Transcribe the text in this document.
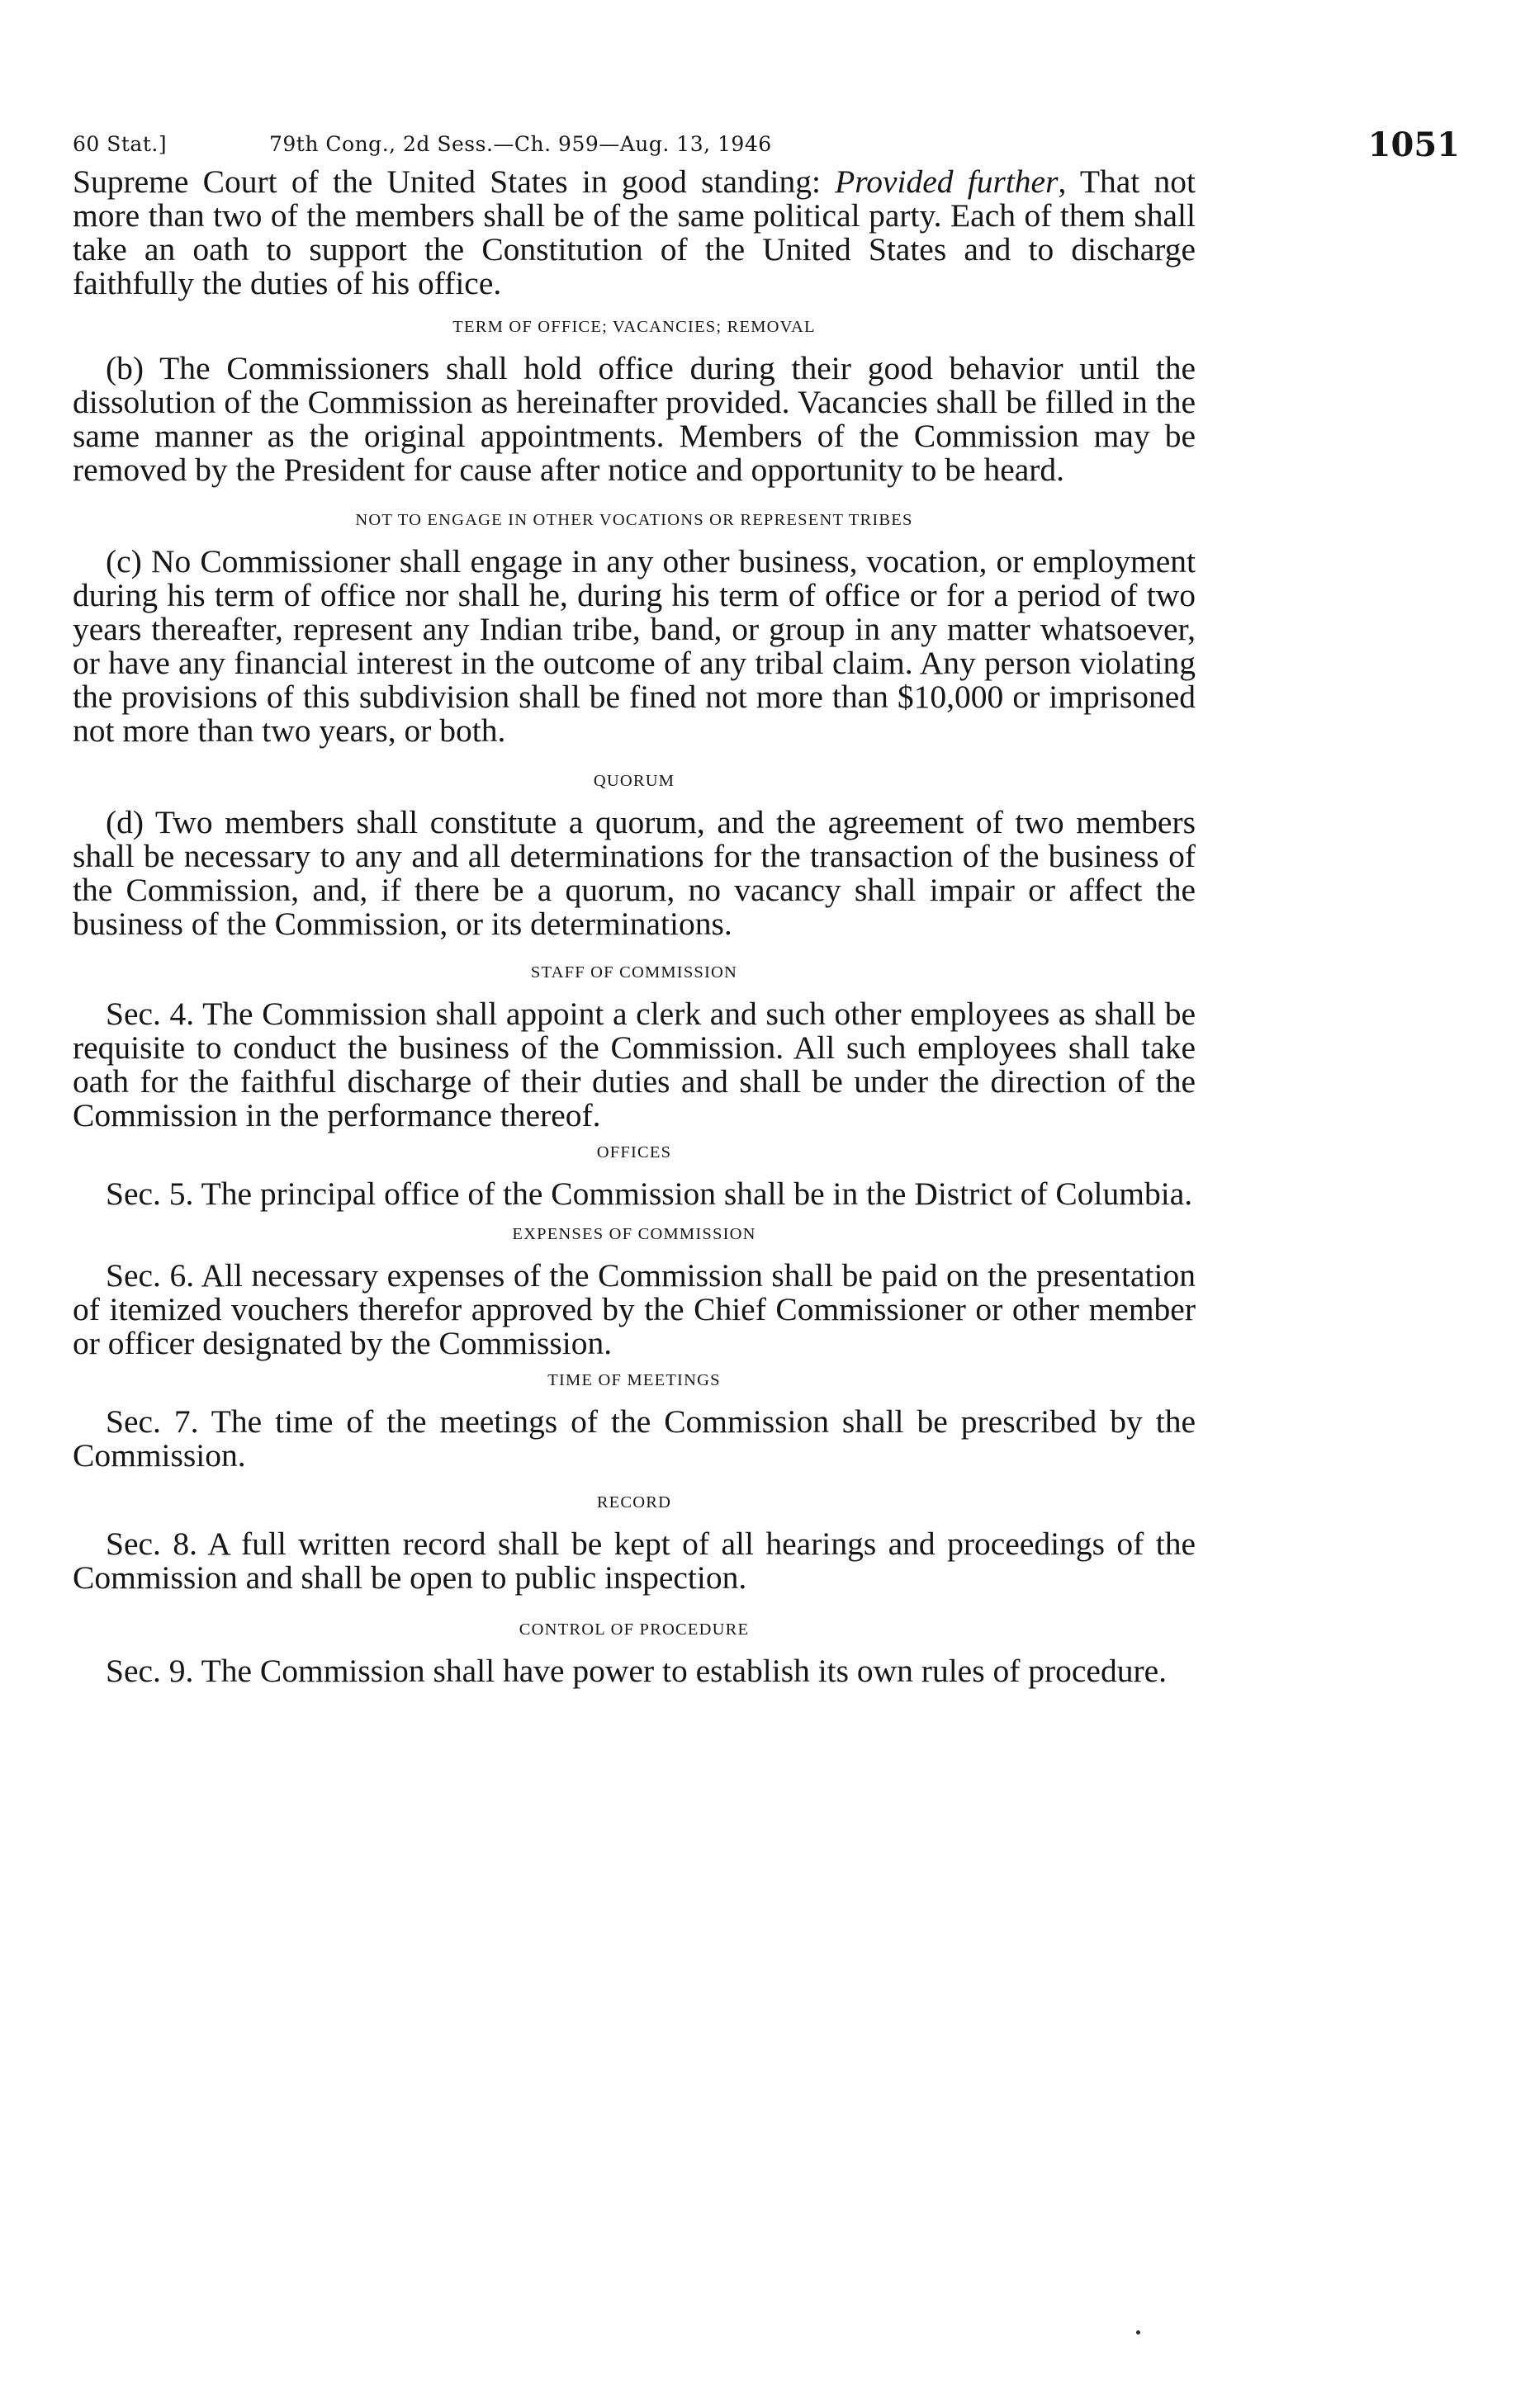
60 Stat.]	79th Cong., 2d Sess.—Ch. 959—Aug. 13, 1946	1051

Supreme Court of the United States in good standing: Provided further, That not more than two of the members shall be of the same political party. Each of them shall take an oath to support the Constitution of the United States and to discharge faithfully the duties of his office.

TERM OF OFFICE; VACANCIES; REMOVAL

(b) The Commissioners shall hold office during their good behavior until the dissolution of the Commission as hereinafter provided. Vacancies shall be filled in the same manner as the original appointments. Members of the Commission may be removed by the President for cause after notice and opportunity to be heard.

NOT TO ENGAGE IN OTHER VOCATIONS OR REPRESENT TRIBES

(c) No Commissioner shall engage in any other business, vocation, or employment during his term of office nor shall he, during his term of office or for a period of two years thereafter, represent any Indian tribe, band, or group in any matter whatsoever, or have any financial interest in the outcome of any tribal claim. Any person violating the provisions of this subdivision shall be fined not more than $10,000 or imprisoned not more than two years, or both.

QUORUM

(d) Two members shall constitute a quorum, and the agreement of two members shall be necessary to any and all determinations for the transaction of the business of the Commission, and, if there be a quorum, no vacancy shall impair or affect the business of the Commission, or its determinations.

STAFF OF COMMISSION

Sec. 4. The Commission shall appoint a clerk and such other employees as shall be requisite to conduct the business of the Commission. All such employees shall take oath for the faithful discharge of their duties and shall be under the direction of the Commission in the performance thereof.

OFFICES

Sec. 5. The principal office of the Commission shall be in the District of Columbia.

EXPENSES OF COMMISSION

Sec. 6. All necessary expenses of the Commission shall be paid on the presentation of itemized vouchers therefor approved by the Chief Commissioner or other member or officer designated by the Commission.

TIME OF MEETINGS

Sec. 7. The time of the meetings of the Commission shall be prescribed by the Commission.

RECORD

Sec. 8. A full written record shall be kept of all hearings and proceedings of the Commission and shall be open to public inspection.

CONTROL OF PROCEDURE

Sec. 9. The Commission shall have power to establish its own rules of procedure.
